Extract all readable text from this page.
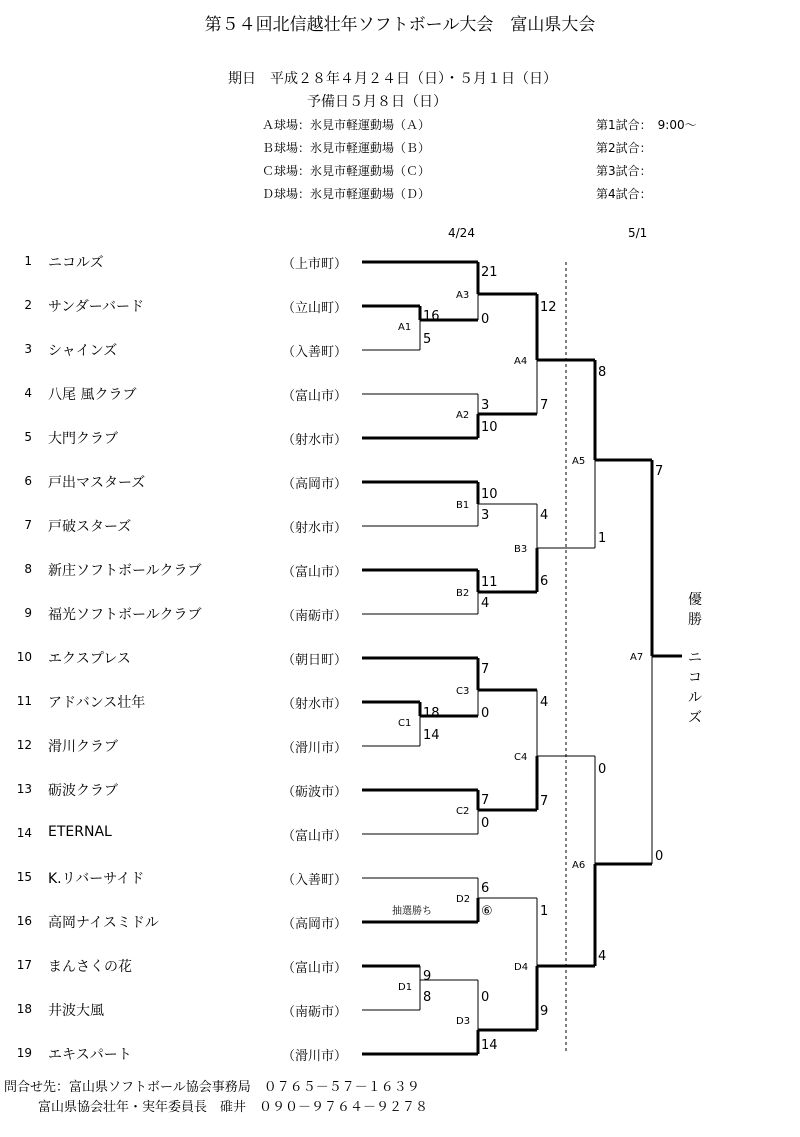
第５４回北信越壮年ソフトボール大会　富山県大会
期日　平成２８年４月２４日（日）・５月１日（日）
予備日５月８日（日）
Ａ球場：氷見市軽運動場（Ａ）
Ｂ球場：氷見市軽運動場（Ｂ）
Ｃ球場：氷見市軽運動場（Ｃ）
Ｄ球場：氷見市軽運動場（Ｄ）
第1試合：　9:00～
第2試合：
第3試合：
第4試合：
4/24	5/1
1 ニコルズ	（上市町）
2 サンダーバード	（立山町）
3 シャインズ	（入善町）
4 八尾 風クラブ	（富山市）
5 大門クラブ	（射水市）
6 戸出マスターズ	（高岡市）
7 戸破スターズ	（射水市）
8 新庄ソフトボールクラブ	（富山市）
9 福光ソフトボールクラブ	（南砺市）
10 エクスプレス	（朝日町）
11 アドバンス壮年	（射水市）
12 滑川クラブ	（滑川市）
13 砺波クラブ	（砺波市）
14 ETERNAL	（富山市）
15 K.リバーサイド	（入善町）
16 高岡ナイスミドル	（高岡市）
17 まんさくの花	（富山市）
18 井波大風	（南砺市）
19 エキスパート	（滑川市）
A1
16
5
A2
3
10
A3
21
0
A4
12
7
A5
8
1
A6
0
4
A7
7
0
B1
10
3
B2
11
4
B3
4
6
C1
18
14
C2
7
0
C3
7
0
C4
4
7
D1
9
8
D2
6
⑥
D3
0
14
D4
1
9
抽選勝ち
優勝
ニコルズ
問合せ先：富山県ソフトボール協会事務局　０７６５－５７－１６３９
富山県協会壮年・実年委員長　碓井　０９０－９７６４－９２７８
